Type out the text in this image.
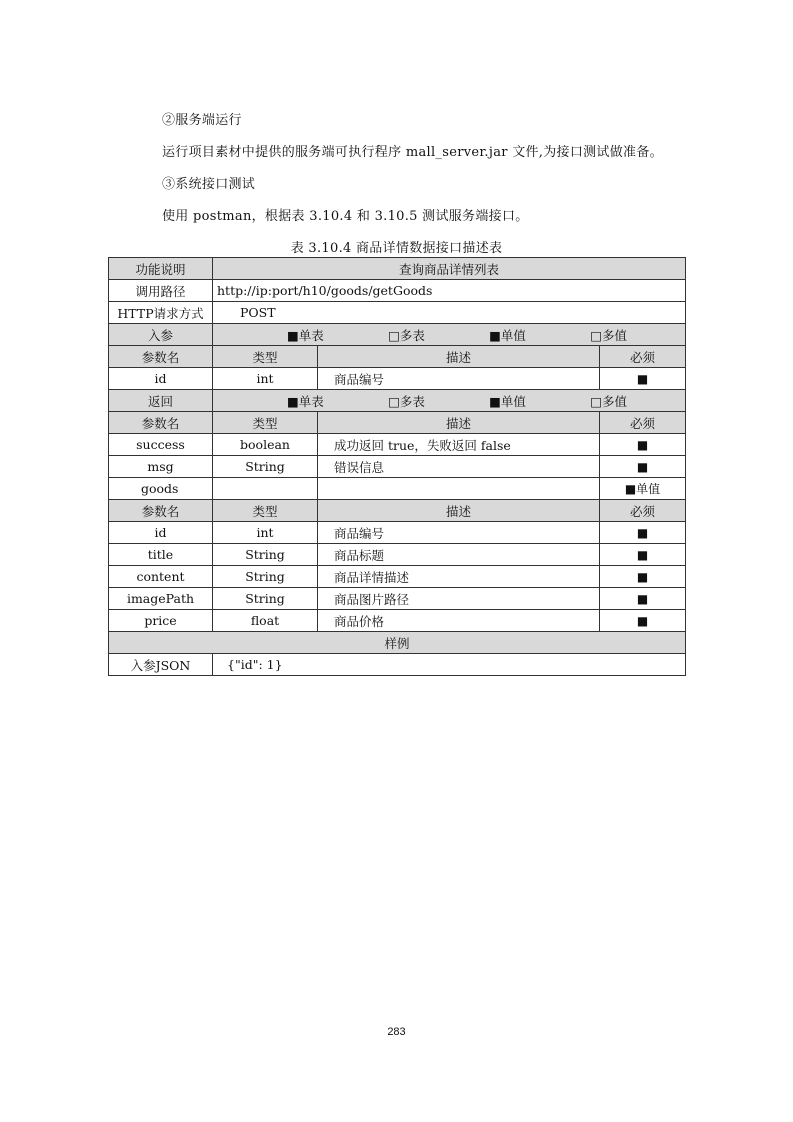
②服务端运行
运行项目素材中提供的服务端可执行程序 mall_server.jar 文件,为接口测试做准备。
③系统接口测试
使用 postman，根据表 3.10.4 和 3.10.5 测试服务端接口。
表 3.10.4 商品详情数据接口描述表
功能说明	查询商品详情列表		
调用路径	http://ip:port/h10/goods/getGoods		
HTTP请求方式	POST		
入参	■单表 □多表 ■单值 □多值		

参数名	类型	描述	必须
id	int	商品编号	■
返回	■单表 □多表 ■单值 □多值		

参数名	类型	描述	必须
success	boolean	成功返回 true，失败返回 false	■
msg	String	错误信息	■
goods			■单值
参数名	类型	描述	必须
id	int	商品编号	■
title	String	商品标题	■
content	String	商品详情描述	■
imagePath	String	商品图片路径	■
price	float	商品价格	■
样例			
入参JSON	{"id": 1}		
283
